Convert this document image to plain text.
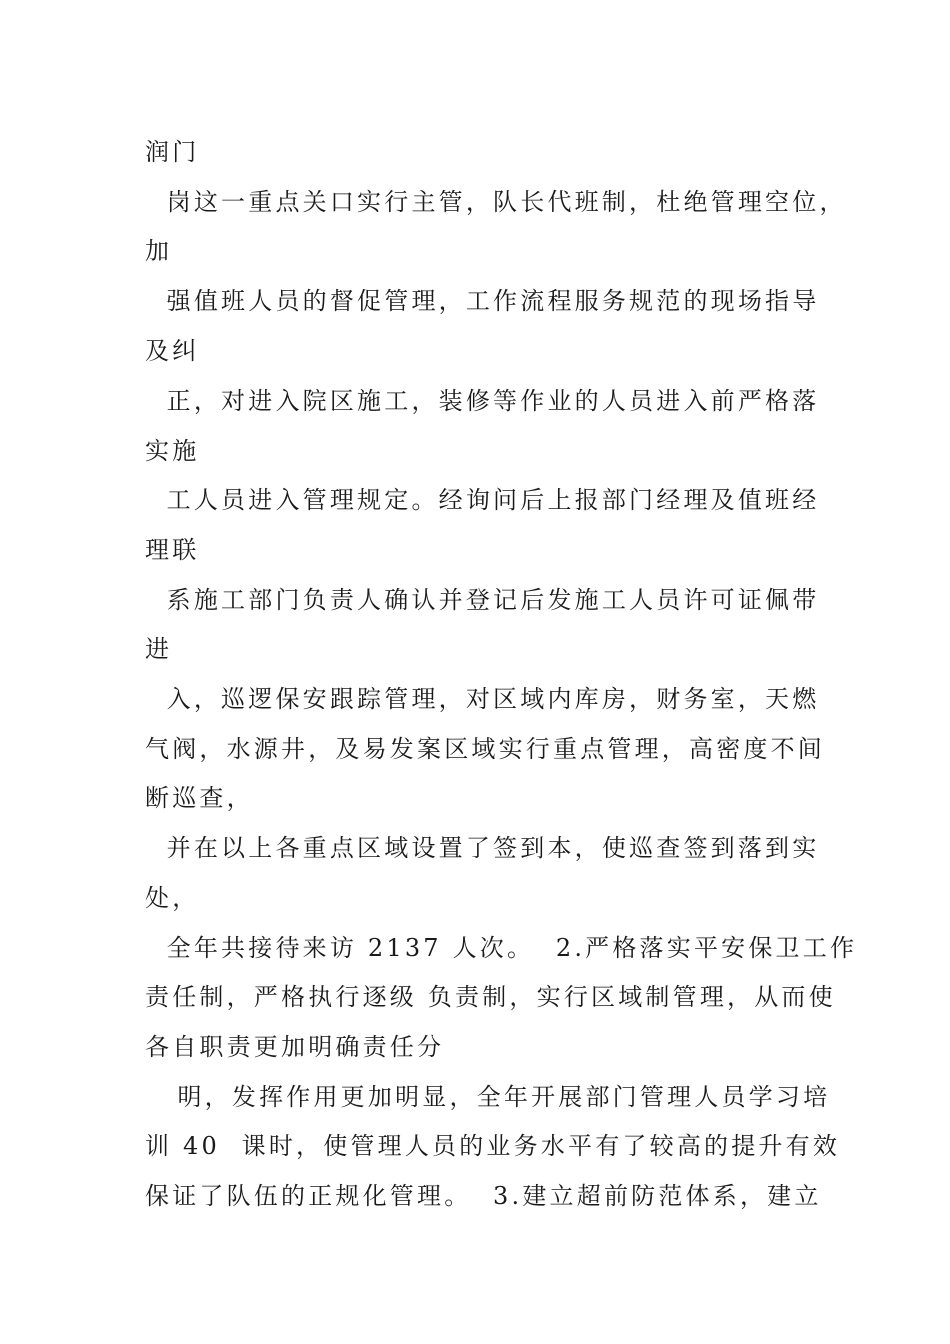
润门
岗这一重点关口实行主管，队长代班制，杜绝管理空位，
加
强值班人员的督促管理，工作流程服务规范的现场指导
及纠
正，对进入院区施工，装修等作业的人员进入前严格落
实施
工人员进入管理规定。经询问后上报部门经理及值班经
理联
系施工部门负责人确认并登记后发施工人员许可证佩带
进
入，巡逻保安跟踪管理，对区域内库房，财务室，天燃
气阀，水源井，及易发案区域实行重点管理，高密度不间
断巡查，
并在以上各重点区域设置了签到本，使巡查签到落到实
处，
全年共接待来访 2137 人次。  2.严格落实平安保卫工作
责任制，严格执行逐级 负责制，实行区域制管理，从而使
各自职责更加明确责任分
明，发挥作用更加明显，全年开展部门管理人员学习培
训 40  课时，使管理人员的业务水平有了较高的提升有效
保证了队伍的正规化管理。  3.建立超前防范体系，建立
